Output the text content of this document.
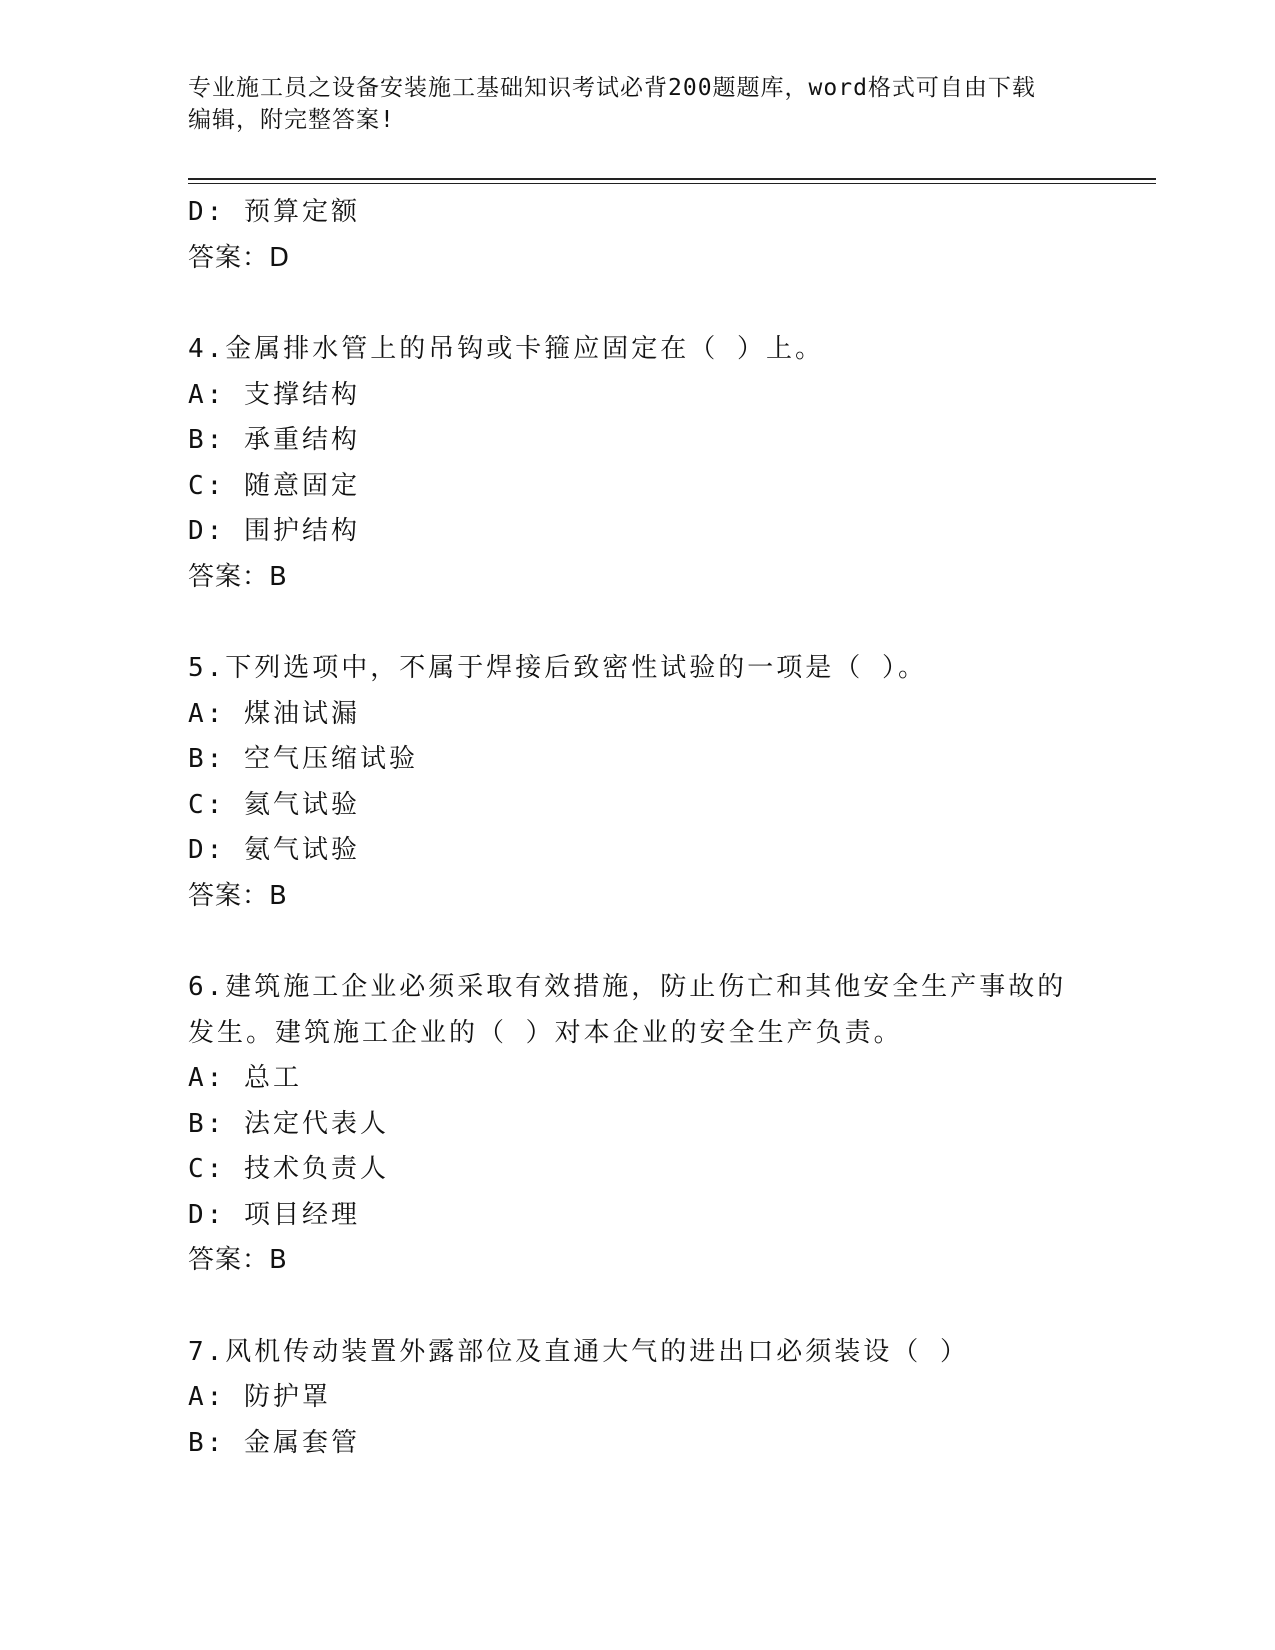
专业施工员之设备安装施工基础知识考试必背200题题库，word格式可自由下载
编辑，附完整答案!
D: 预算定额
答案：D
4.金属排水管上的吊钩或卡箍应固定在（ ）上。
A: 支撑结构
B: 承重结构
C: 随意固定
D: 围护结构
答案：B
5.下列选项中，不属于焊接后致密性试验的一项是（ ）。
A: 煤油试漏
B: 空气压缩试验
C: 氦气试验
D: 氨气试验
答案：B
6.建筑施工企业必须采取有效措施，防止伤亡和其他安全生产事故的
发生。建筑施工企业的（ ）对本企业的安全生产负责。
A: 总工
B: 法定代表人
C: 技术负责人
D: 项目经理
答案：B
7.风机传动装置外露部位及直通大气的进出口必须装设（ ）
A: 防护罩
B: 金属套管
